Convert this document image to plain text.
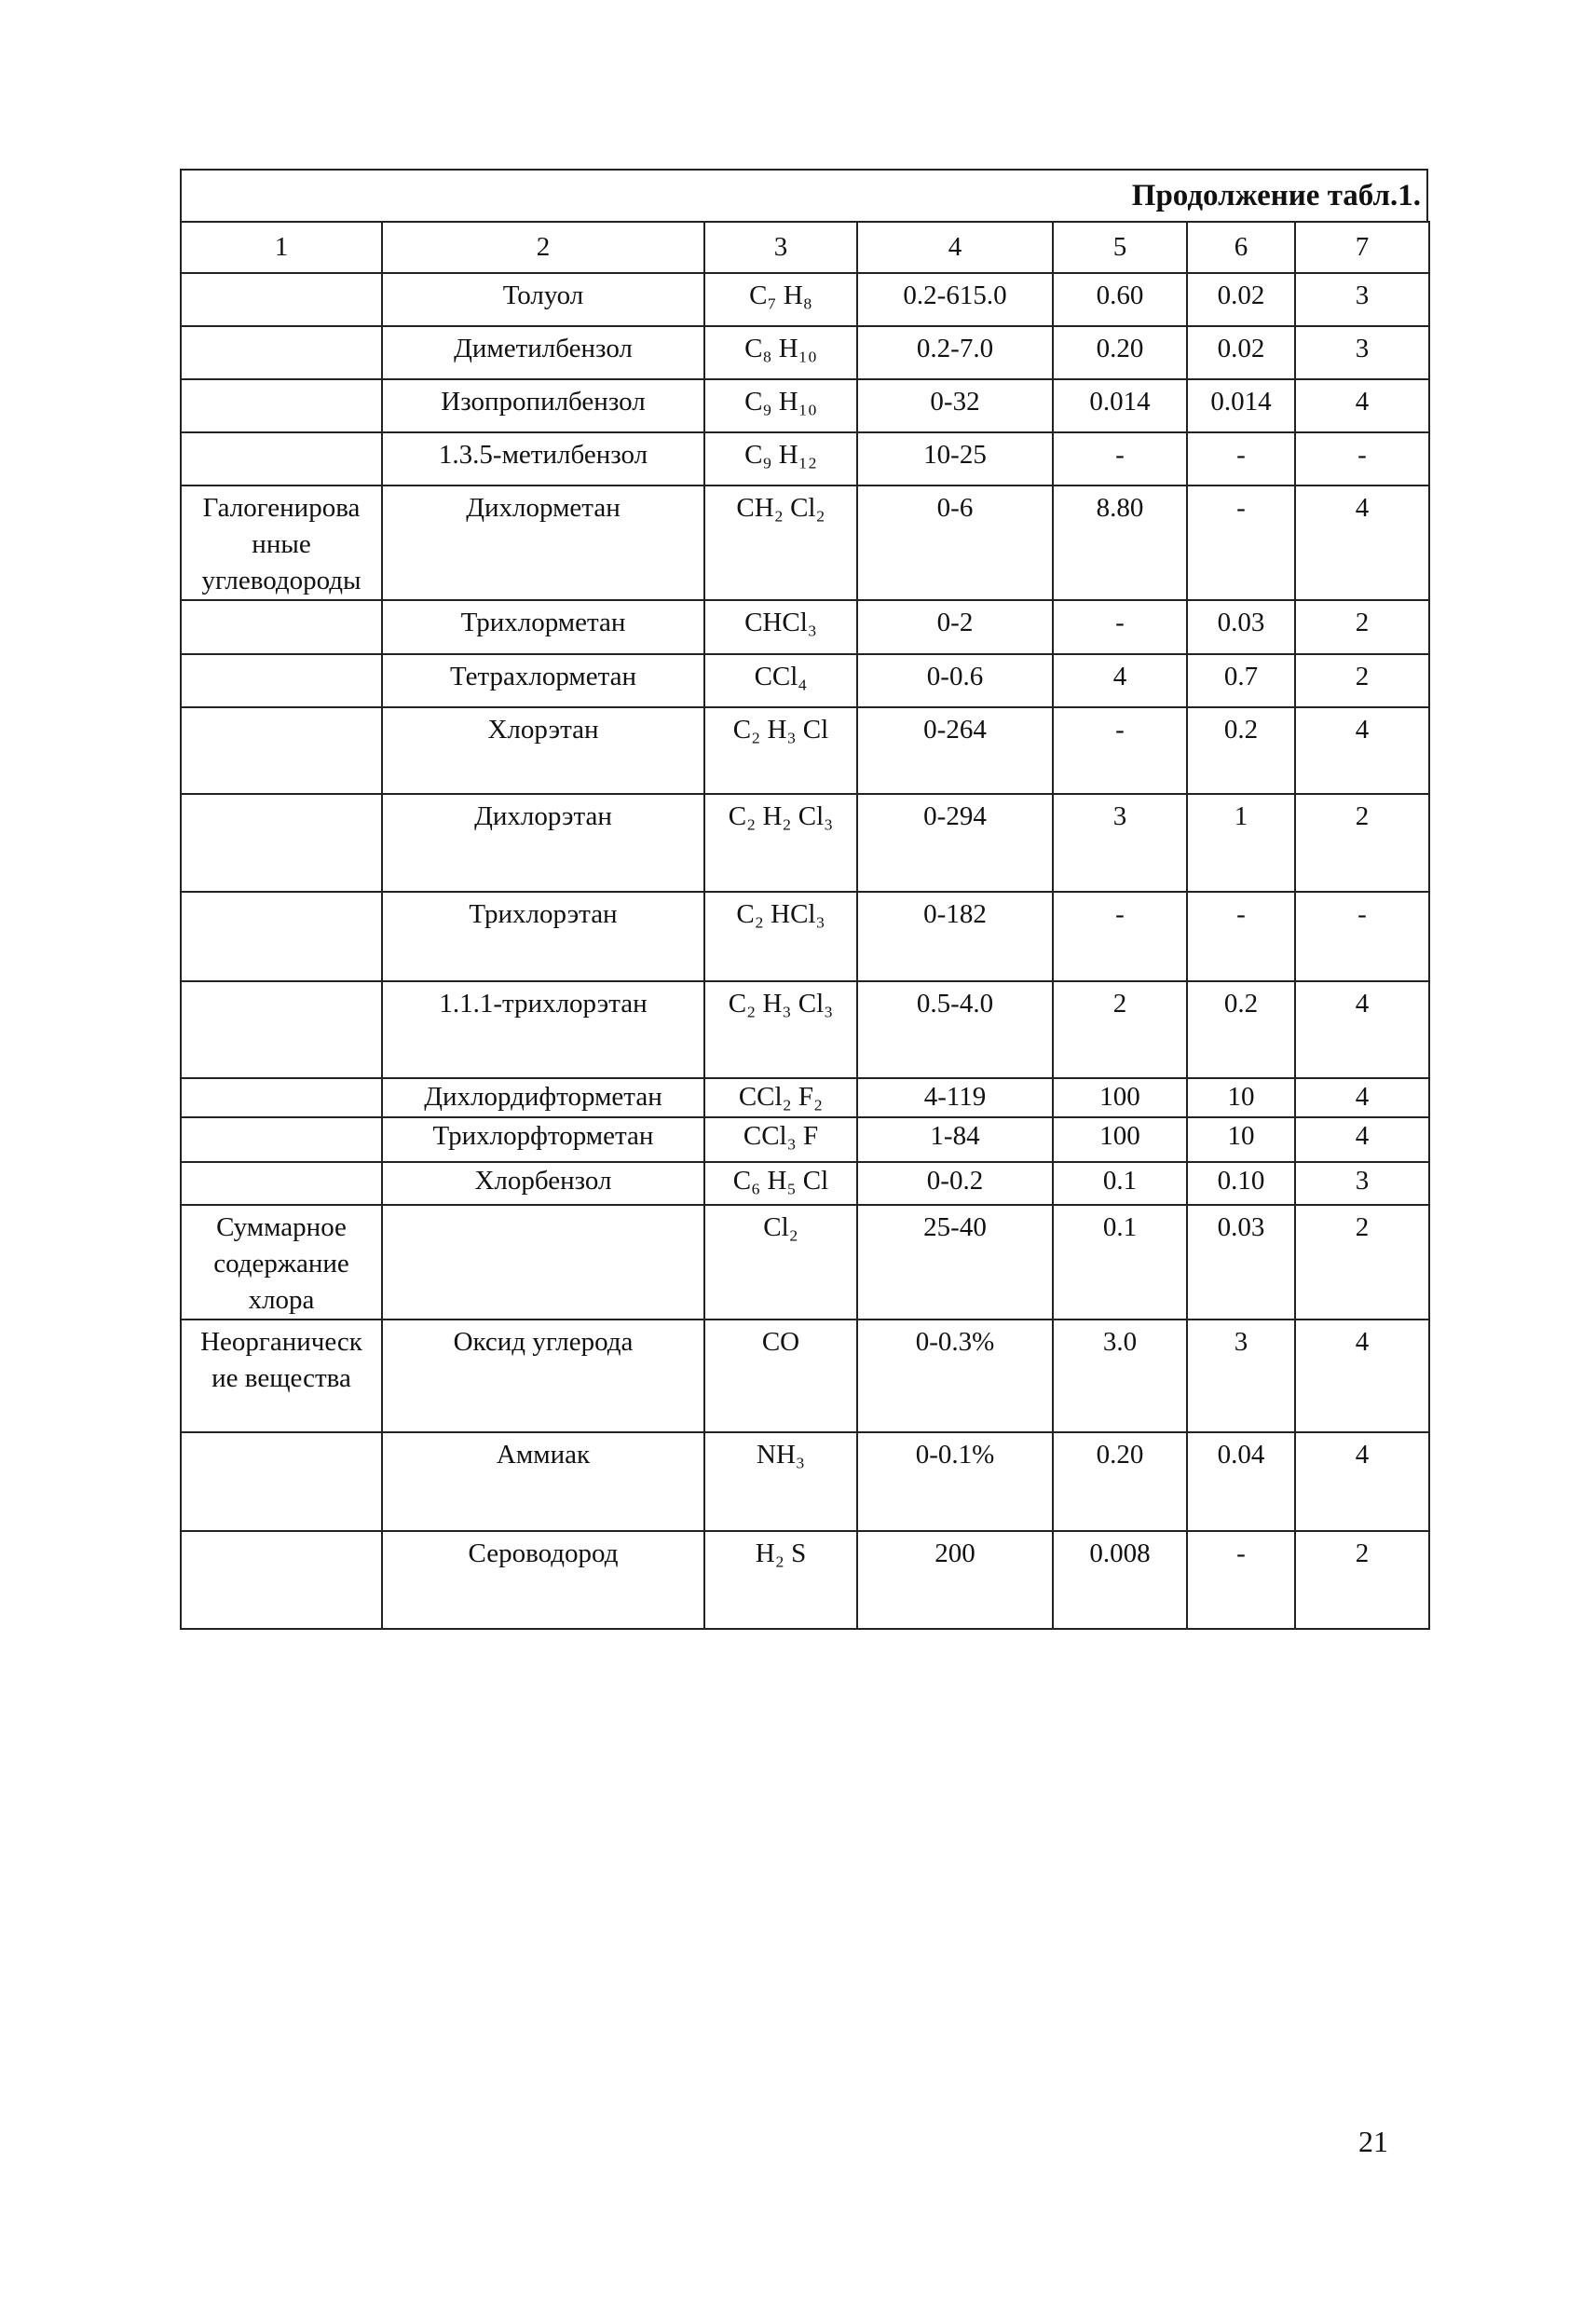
Продолжение табл.1.
1	2	3	4	5	6	7
	Толуол	C₇ H₈	0.2-615.0	0.60	0.02	3
	Диметилбензол	C₈ H₁₀	0.2-7.0	0.20	0.02	3
	Изопропилбензол	C₉ H₁₀	0-32	0.014	0.014	4
	1.3.5-метилбензол	C₉ H₁₂	10-25	-	-	-
Галогенирова нные углеводороды	Дихлорметан	CH₂ Cl₂	0-6	8.80	-	4
	Трихлорметан	CHCl₃	0-2	-	0.03	2
	Тетрахлорметан	CCl₄	0-0.6	4	0.7	2
	Хлорэтан	C₂ H₃ Cl	0-264	-	0.2	4
	Дихлорэтан	C₂ H₂ Cl₃	0-294	3	1	2
	Трихлорэтан	C₂ HCl₃	0-182	-	-	-
	1.1.1-трихлорэтан	C₂ H₃ Cl₃	0.5-4.0	2	0.2	4
	Дихлордифторметан	CCl₂ F₂	4-119	100	10	4
	Трихлорфторметан	CCl₃ F	1-84	100	10	4
	Хлорбензол	C₆ H₅ Cl	0-0.2	0.1	0.10	3
Суммарное содержание хлора		Cl₂	25-40	0.1	0.03	2
Неорганическ ие вещества	Оксид углерода	CO	0-0.3%	3.0	3	4
	Аммиак	NH₃	0-0.1%	0.20	0.04	4
	Сероводород	H₂ S	200	0.008	-	2
21
